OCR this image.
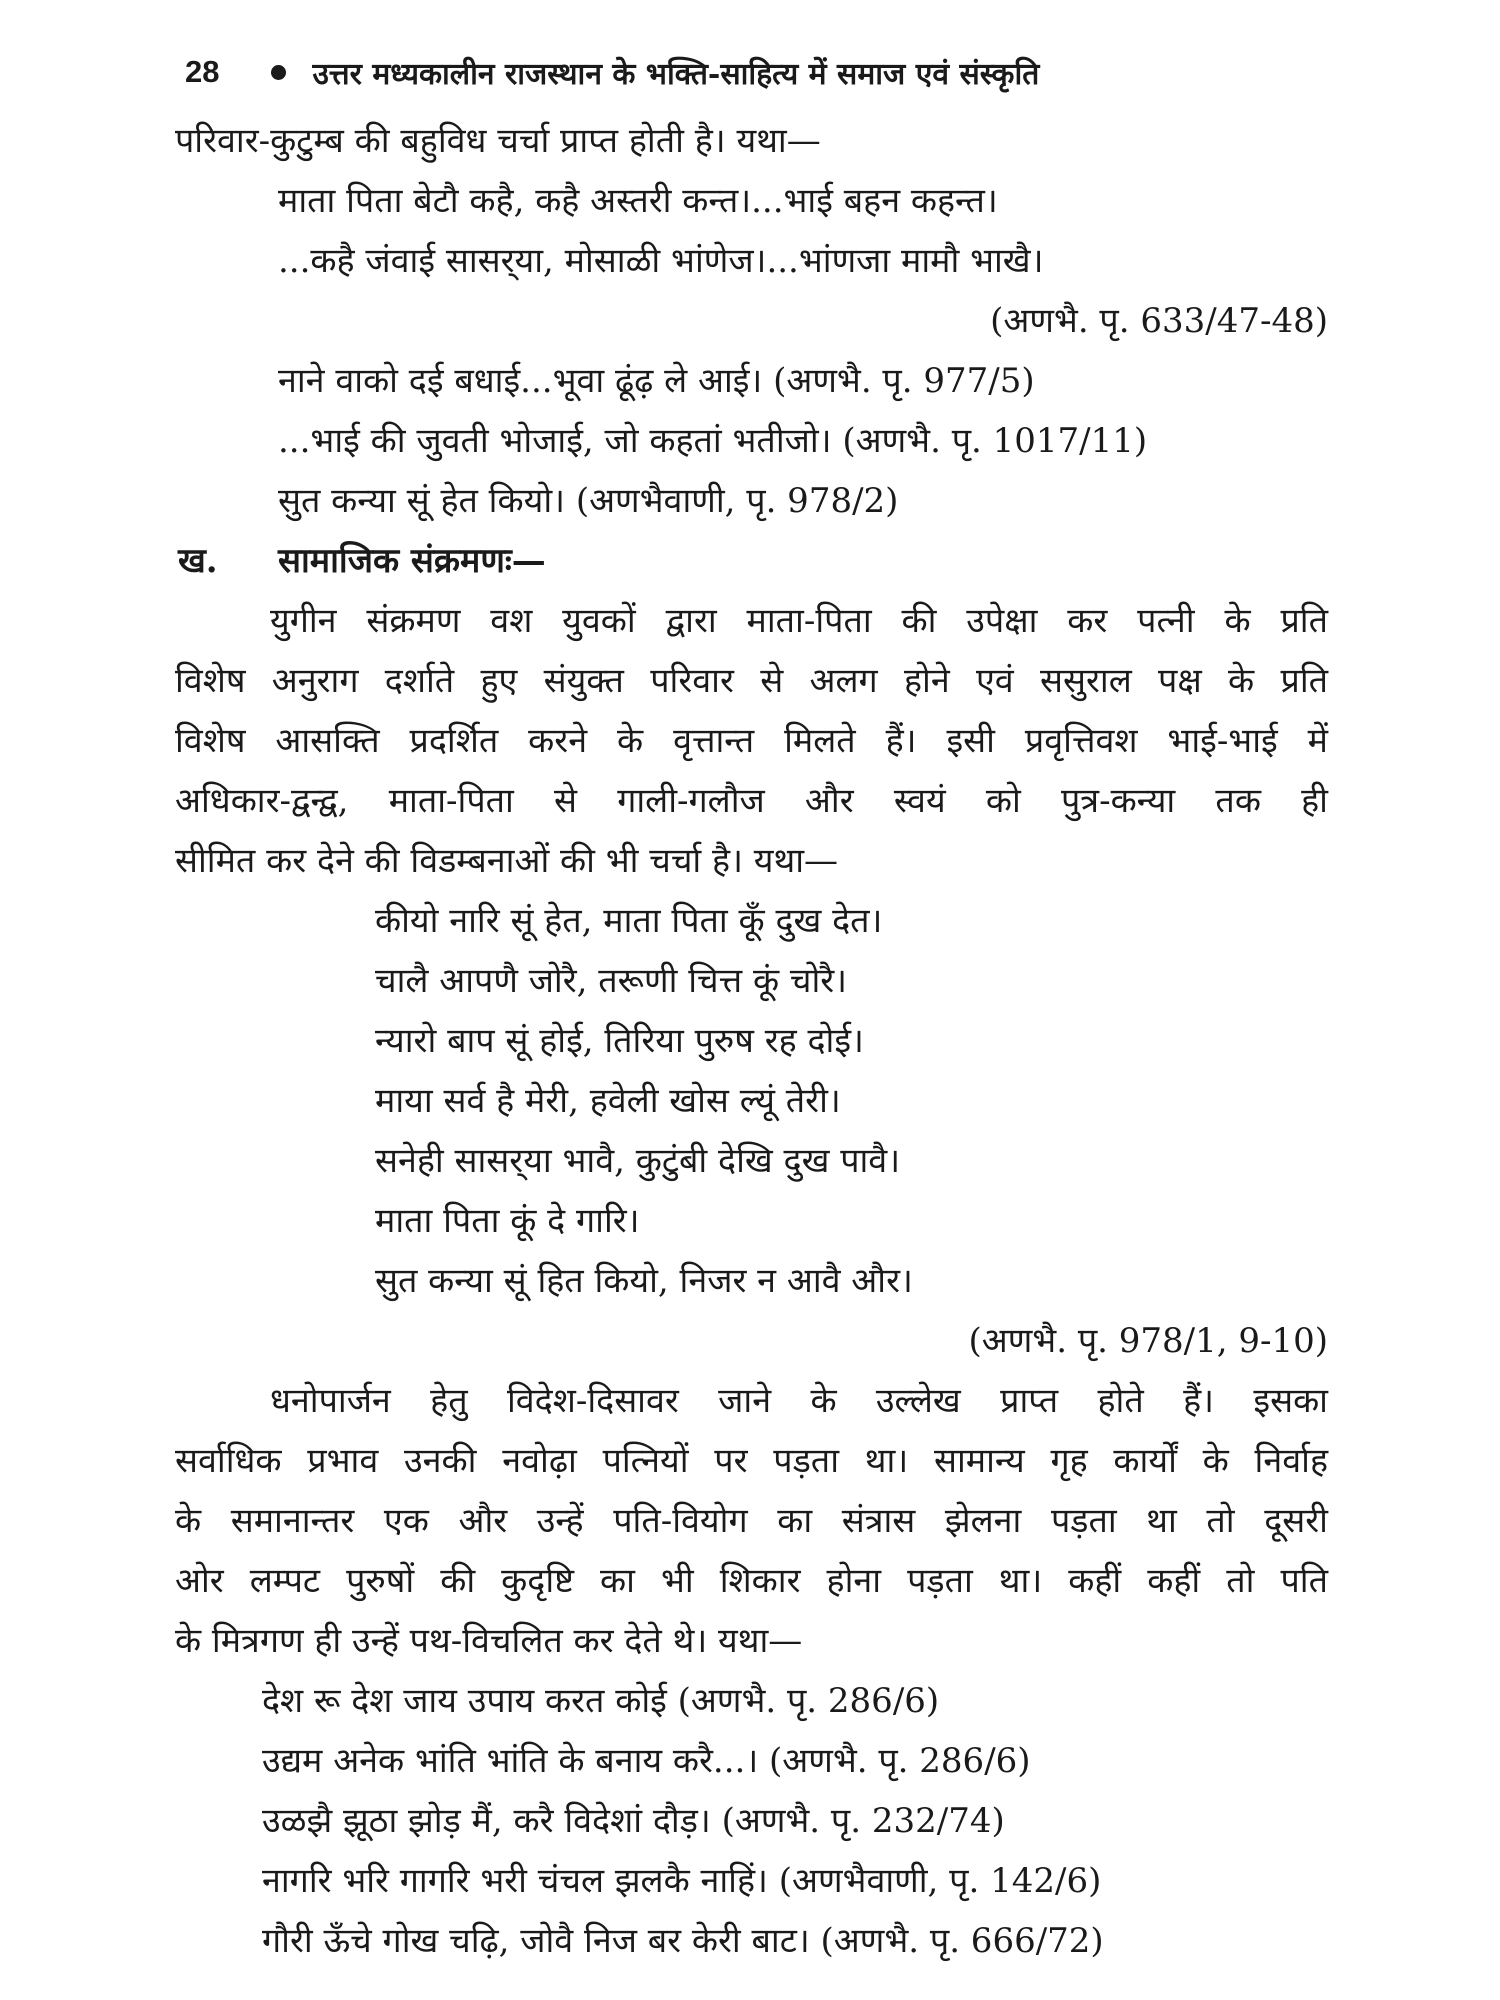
28	उत्तर मध्यकालीन राजस्थान के भक्ति-साहित्य में समाज एवं संस्कृति
परिवार-कुटुम्ब की बहुविध चर्चा प्राप्त होती है। यथा—
माता पिता बेटौ कहै, कहै अस्तरी कन्त।...भाई बहन कहन्त।
...कहै जंवाई सासर्‌या, मोसाळी भांणेज।...भांणजा मामौ भाखै।
(अणभै. पृ. 633/47-48)
नाने वाको दई बधाई...भूवा ढूंढ़ ले आई। (अणभै. पृ. 977/5)
...भाई की जुवती भोजाई, जो कहतां भतीजो। (अणभै. पृ. 1017/11)
सुत कन्या सूं हेत कियो। (अणभैवाणी, पृ. 978/2)
ख. सामाजिक संक्रमणः—
युगीन संक्रमण वश युवकों द्वारा माता-पिता की उपेक्षा कर पत्नी के प्रति
विशेष अनुराग दर्शाते हुए संयुक्त परिवार से अलग होने एवं ससुराल पक्ष के प्रति
विशेष आसक्ति प्रदर्शित करने के वृत्तान्त मिलते हैं। इसी प्रवृत्तिवश भाई-भाई में
अधिकार-द्वन्द्व, माता-पिता से गाली-गलौज और स्वयं को पुत्र-कन्या तक ही
सीमित कर देने की विडम्बनाओं की भी चर्चा है। यथा—
कीयो नारि सूं हेत, माता पिता कूँ दुख देत।
चालै आपणै जोरै, तरूणी चित्त कूं चोरै।
न्यारो बाप सूं होई, तिरिया पुरुष रह दोई।
माया सर्व है मेरी, हवेली खोस ल्यूं तेरी।
सनेही सासर्‌या भावै, कुटुंबी देखि दुख पावै।
माता पिता कूं दे गारि।
सुत कन्या सूं हित कियो, निजर न आवै और।
(अणभै. पृ. 978/1, 9-10)
धनोपार्जन हेतु विदेश-दिसावर जाने के उल्लेख प्राप्त होते हैं। इसका
सर्वाधिक प्रभाव उनकी नवोढ़ा पत्नियों पर पड़ता था। सामान्य गृह कार्यों के निर्वाह
के समानान्तर एक और उन्हें पति-वियोग का संत्रास झेलना पड़ता था तो दूसरी
ओर लम्पट पुरुषों की कुदृष्टि का भी शिकार होना पड़ता था। कहीं कहीं तो पति
के मित्रगण ही उन्हें पथ-विचलित कर देते थे। यथा—
देश रू देश जाय उपाय करत कोई (अणभै. पृ. 286/6)
उद्यम अनेक भांति भांति के बनाय करै...। (अणभै. पृ. 286/6)
उळझै झूठा झोड़ मैं, करै विदेशां दौड़। (अणभै. पृ. 232/74)
नागरि भरि गागरि भरी चंचल झलकै नाहिं। (अणभैवाणी, पृ. 142/6)
गौरी ऊँचे गोख चढ़ि, जोवै निज बर केरी बाट। (अणभै. पृ. 666/72)
